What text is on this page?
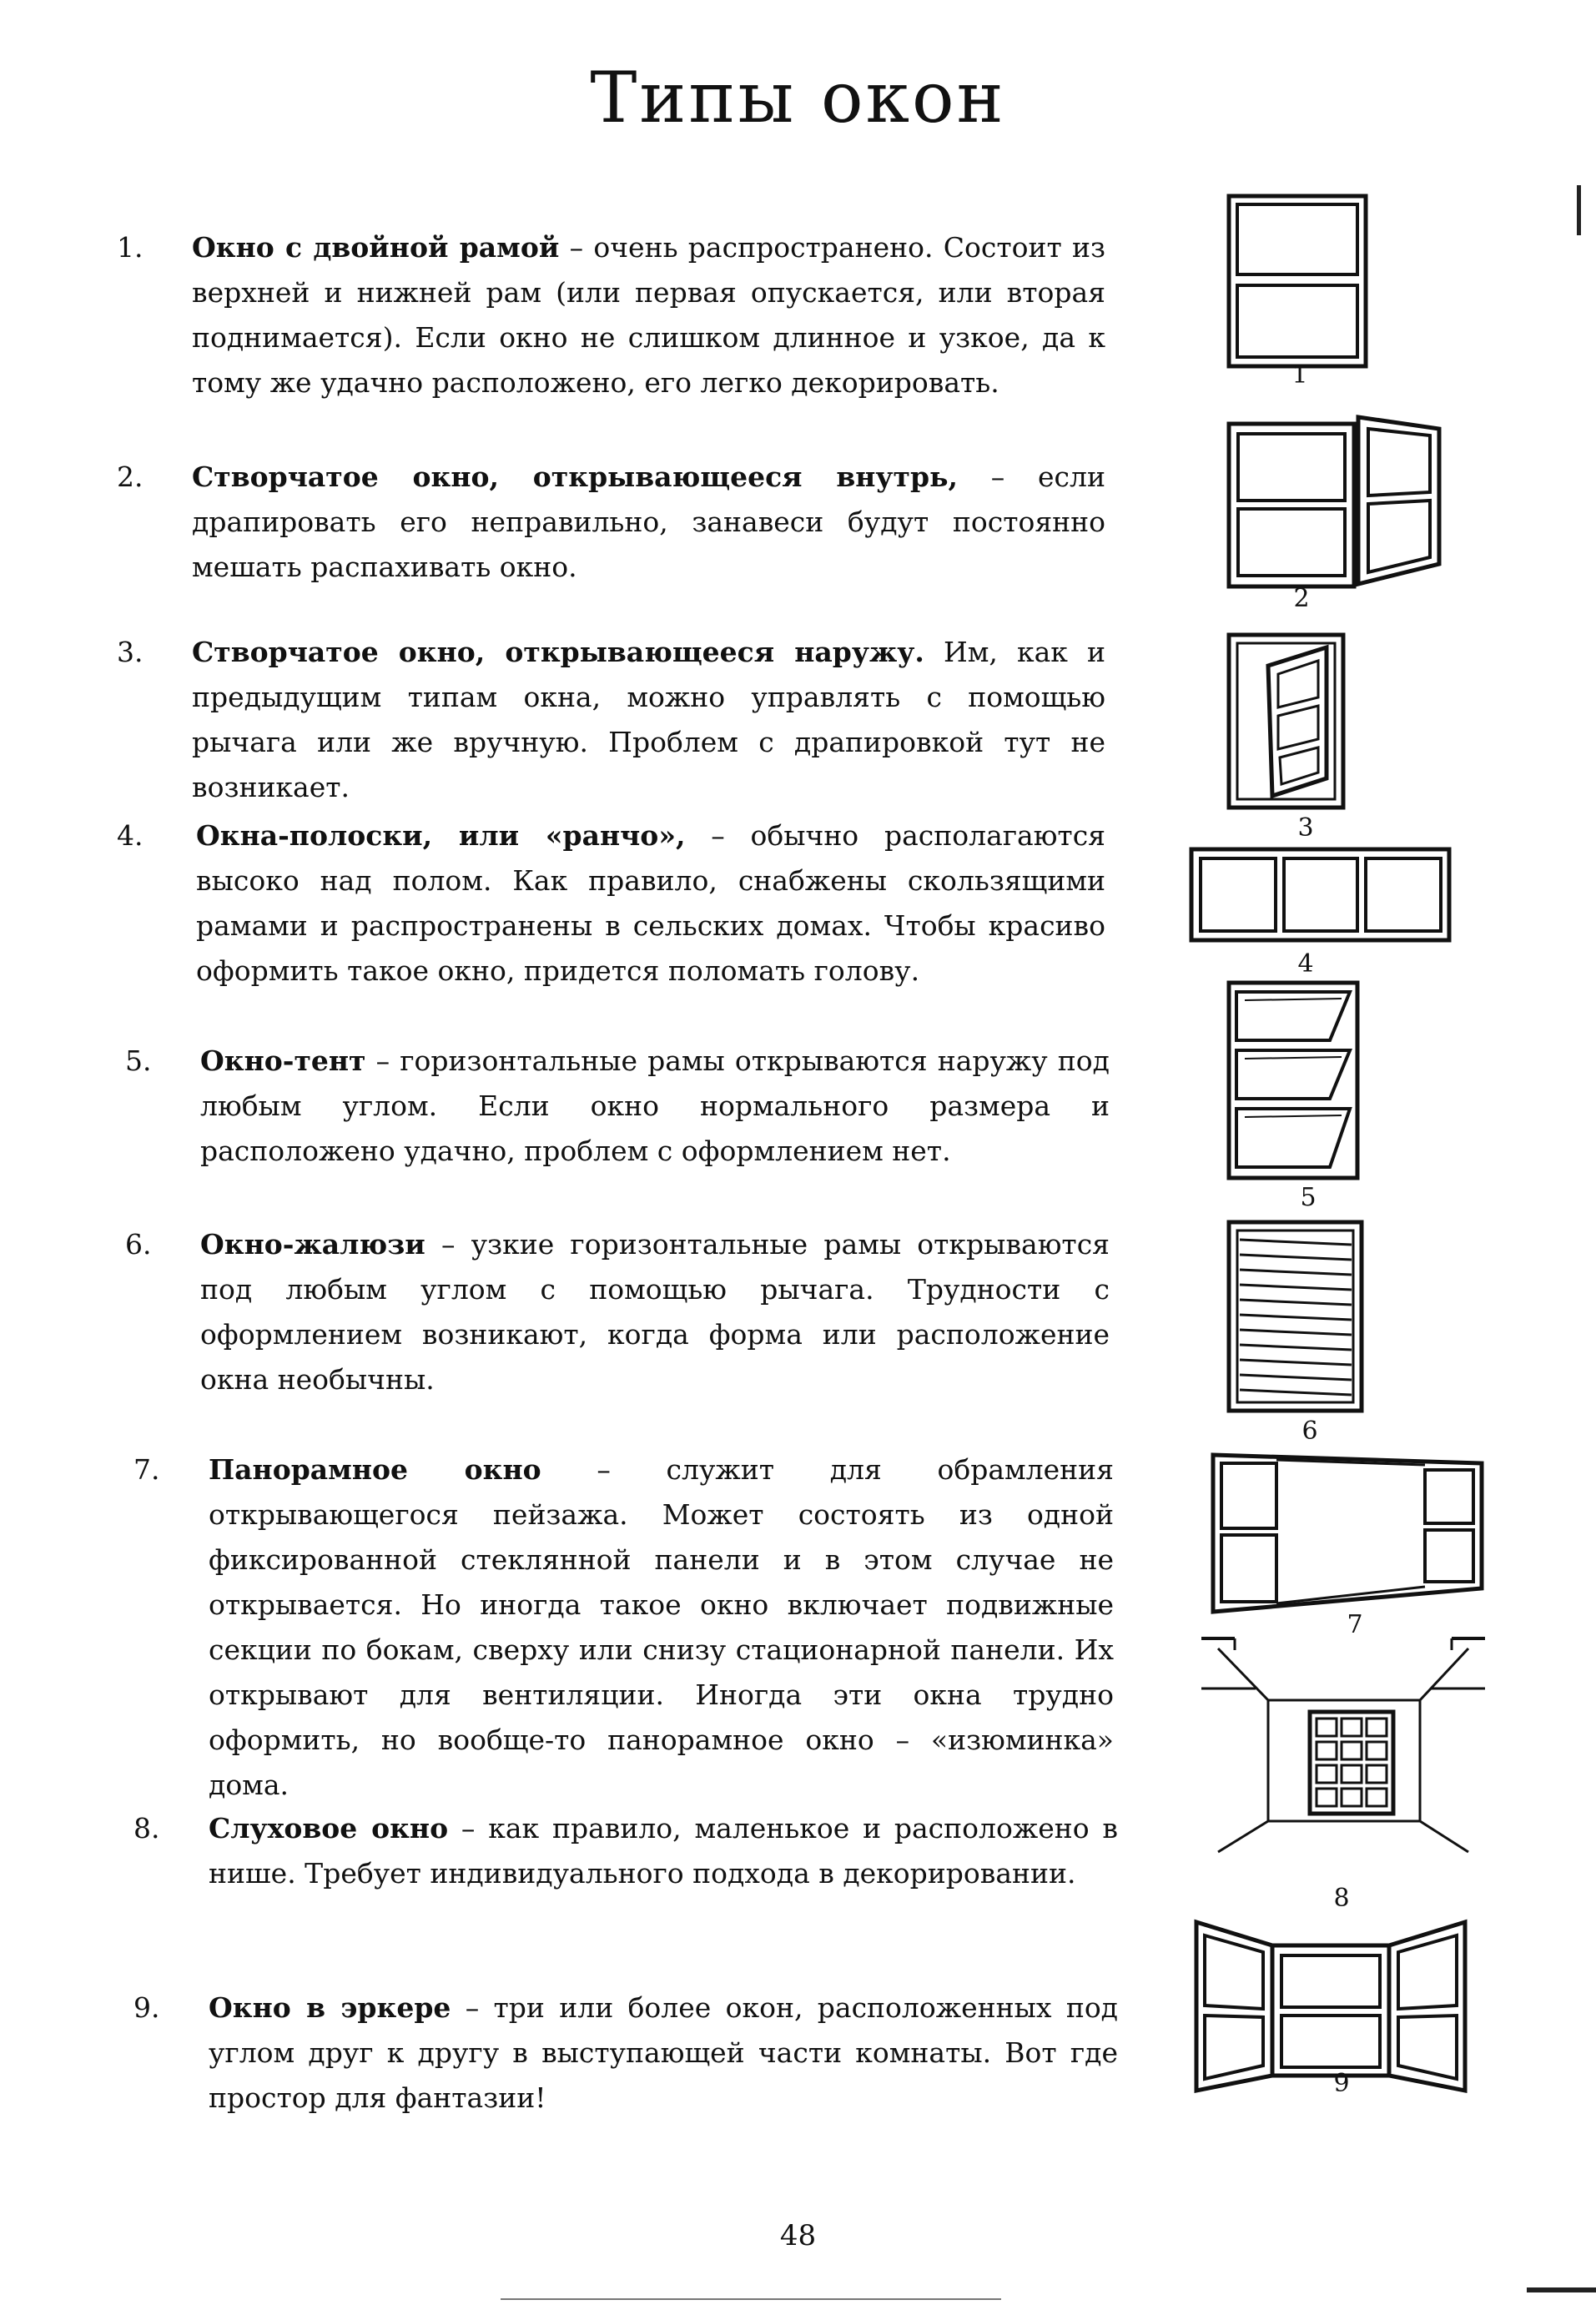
Типы окон
1. Окно с двойной рамой – очень распространено. Состоит из верхней и нижней рам (или первая опускается, или вторая поднимается). Если окно не слишком длинное и узкое, да к тому же удачно расположено, его легко декорировать.
2. Створчатое окно, открывающееся внутрь, – если драпировать его неправильно, занавеси будут постоянно мешать распахивать окно.
3. Створчатое окно, открывающееся наружу. Им, как и предыдущим типам окна, можно управлять с помощью рычага или же вручную. Проблем с драпировкой тут не возникает.
4. Окна-полоски, или «ранчо», – обычно располагаются высоко над полом. Как правило, снабжены скользящими рамами и распространены в сельских домах. Чтобы красиво оформить такое окно, придется поломать голову.
5. Окно-тент – горизонтальные рамы открываются наружу под любым углом. Если окно нормального размера и расположено удачно, проблем с оформлением нет.
6. Окно-жалюзи – узкие горизонтальные рамы открываются под любым углом с помощью рычага. Трудности с оформлением возникают, когда форма или расположение окна необычны.
7. Панорамное окно – служит для обрамления открывающегося пейзажа. Может состоять из одной фиксированной стеклянной панели и в этом случае не открывается. Но иногда такое окно включает подвижные секции по бокам, сверху или снизу стационарной панели. Их открывают для вентиляции. Иногда эти окна трудно оформить, но вообще-то панорамное окно – «изюминка» дома.
8. Слуховое окно – как правило, маленькое и расположено в нише. Требует индивидуального подхода в декорировании.
9. Окно в эркере – три или более окон, расположенных под углом друг к другу в выступающей части комнаты. Вот где простор для фантазии!
1
2
3
4
5
6
7
8
9
48
